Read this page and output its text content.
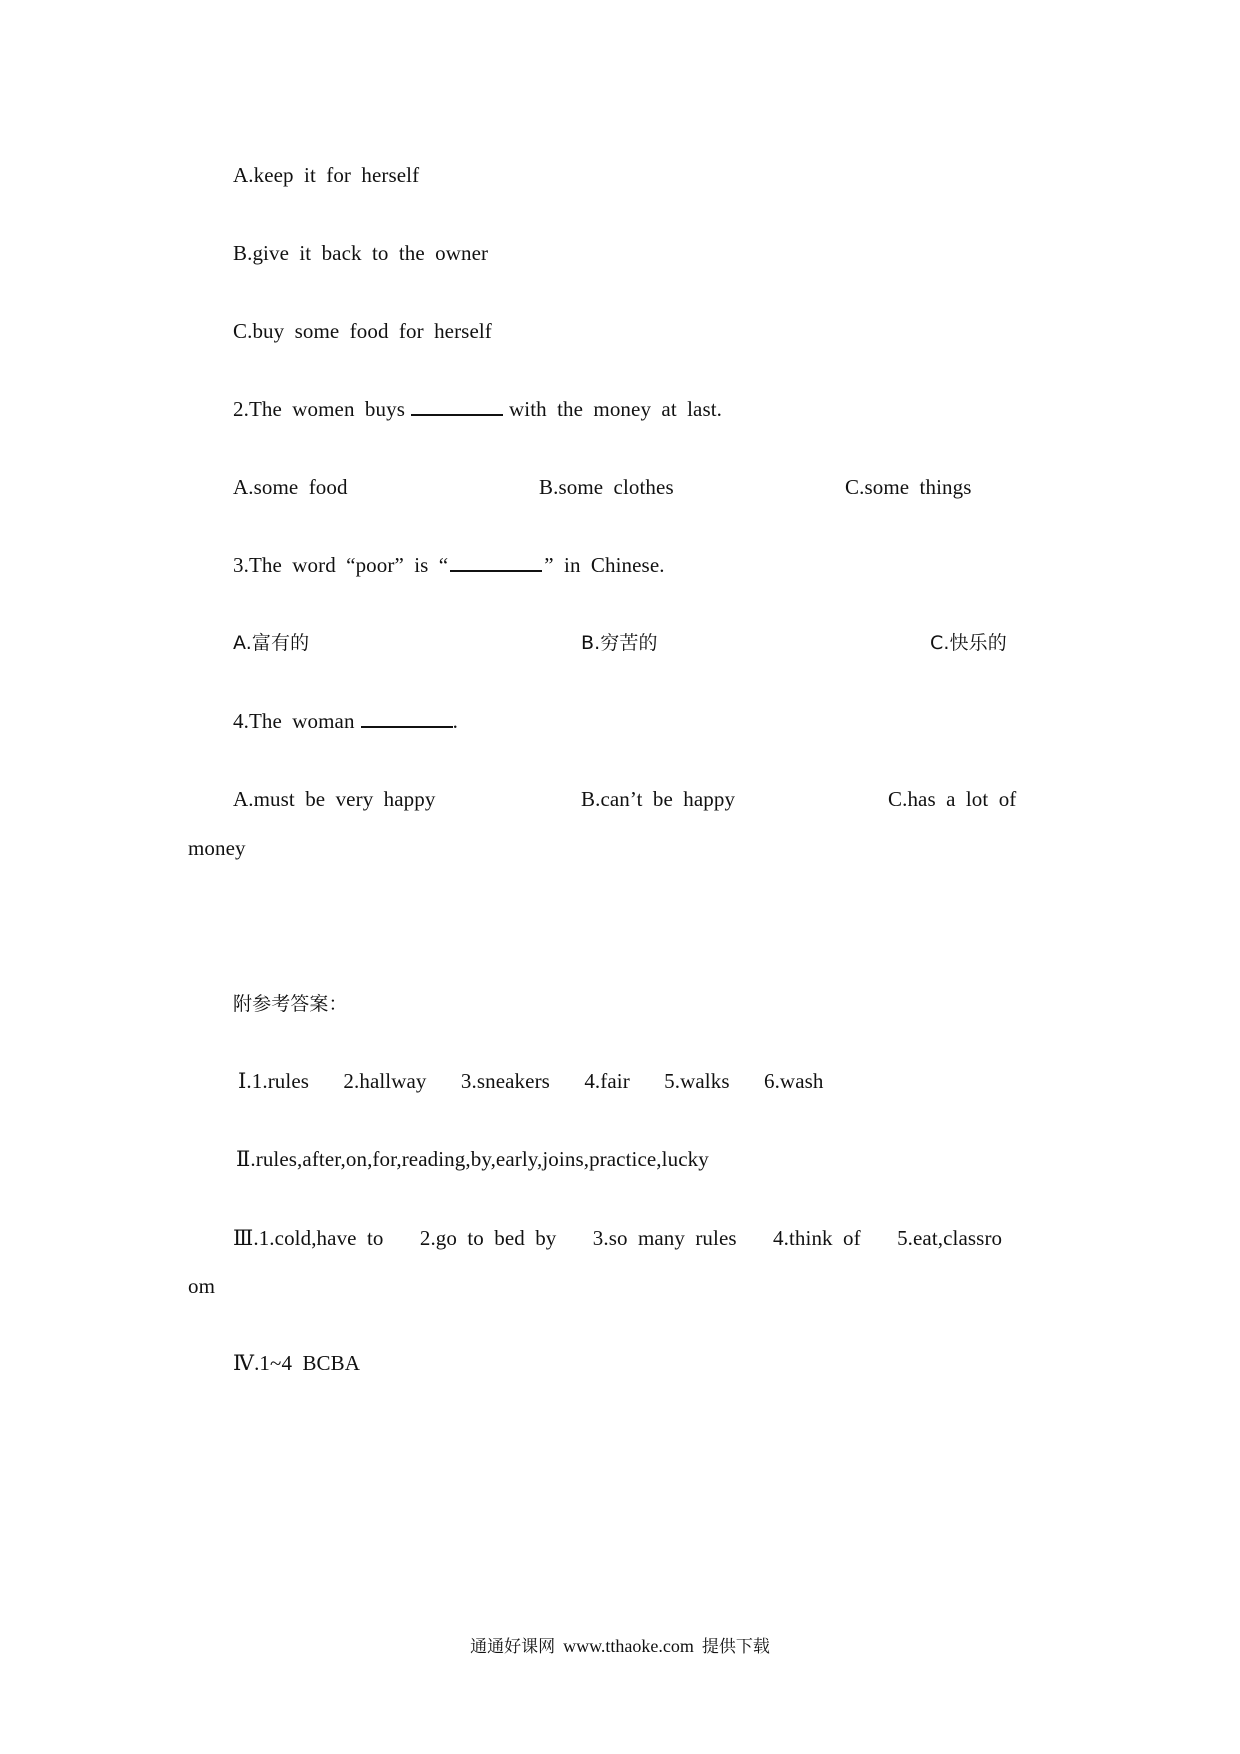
A.keep it for herself
B.give it back to the owner
C.buy some food for herself
2.The women buys	with the money at last.
A.some food	B.some clothes	C.some things
3.The word “poor” is “	” in Chinese.
A.富有的	B.穷苦的	C.快乐的
4.The woman	.
A.must be very happy	B.can’t be happy	C.has a lot of
money
附参考答案：
Ⅰ.1.rules 2.hallway 3.sneakers 4.fair 5.walks 6.wash
Ⅱ.rules,after,on,for,reading,by,early,joins,practice,lucky
Ⅲ.1.cold,have to 2.go to bed by 3.so many rules 4.think of 5.eat,classro
om
Ⅳ.1~4 BCBA
通通好课网 www.tthaoke.com 提供下载
